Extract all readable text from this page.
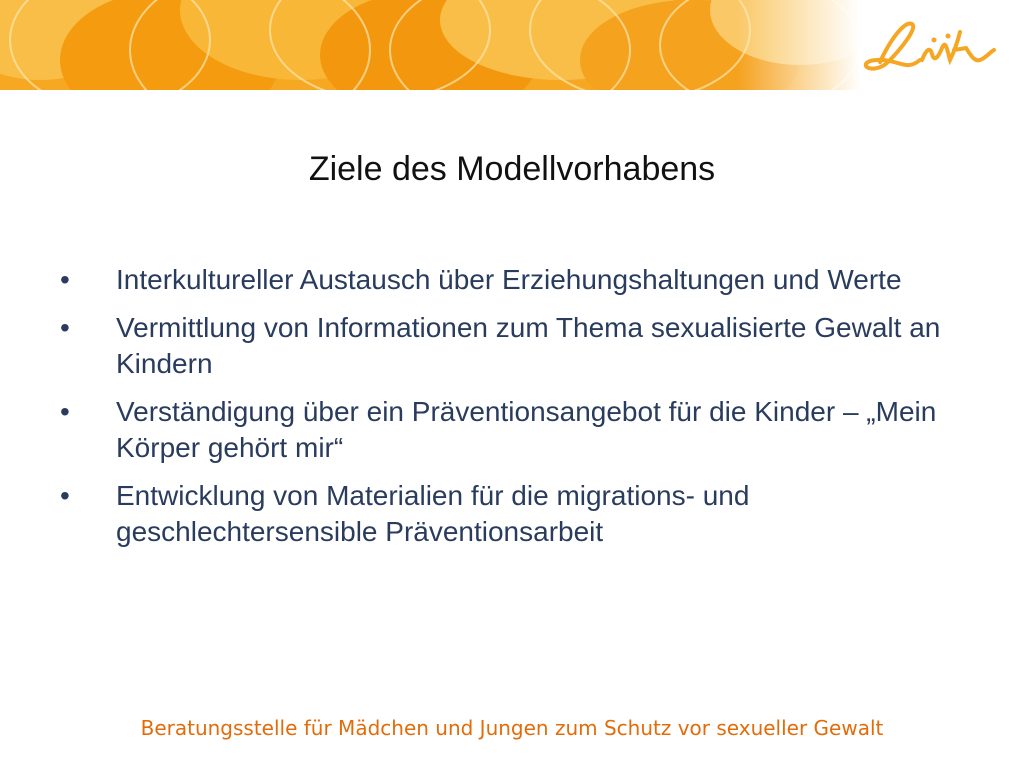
Ziele des Modellvorhabens
•	Interkultureller Austausch über Erziehungshaltungen und Werte
•	Vermittlung von Informationen zum Thema sexualisierte Gewalt an Kindern
•	Verständigung über ein Präventionsangebot für die Kinder – „Mein Körper gehört mir“
•	Entwicklung von Materialien für die migrations- und geschlechtersensible Präventionsarbeit
Beratungsstelle für Mädchen und Jungen zum Schutz vor sexueller Gewalt
